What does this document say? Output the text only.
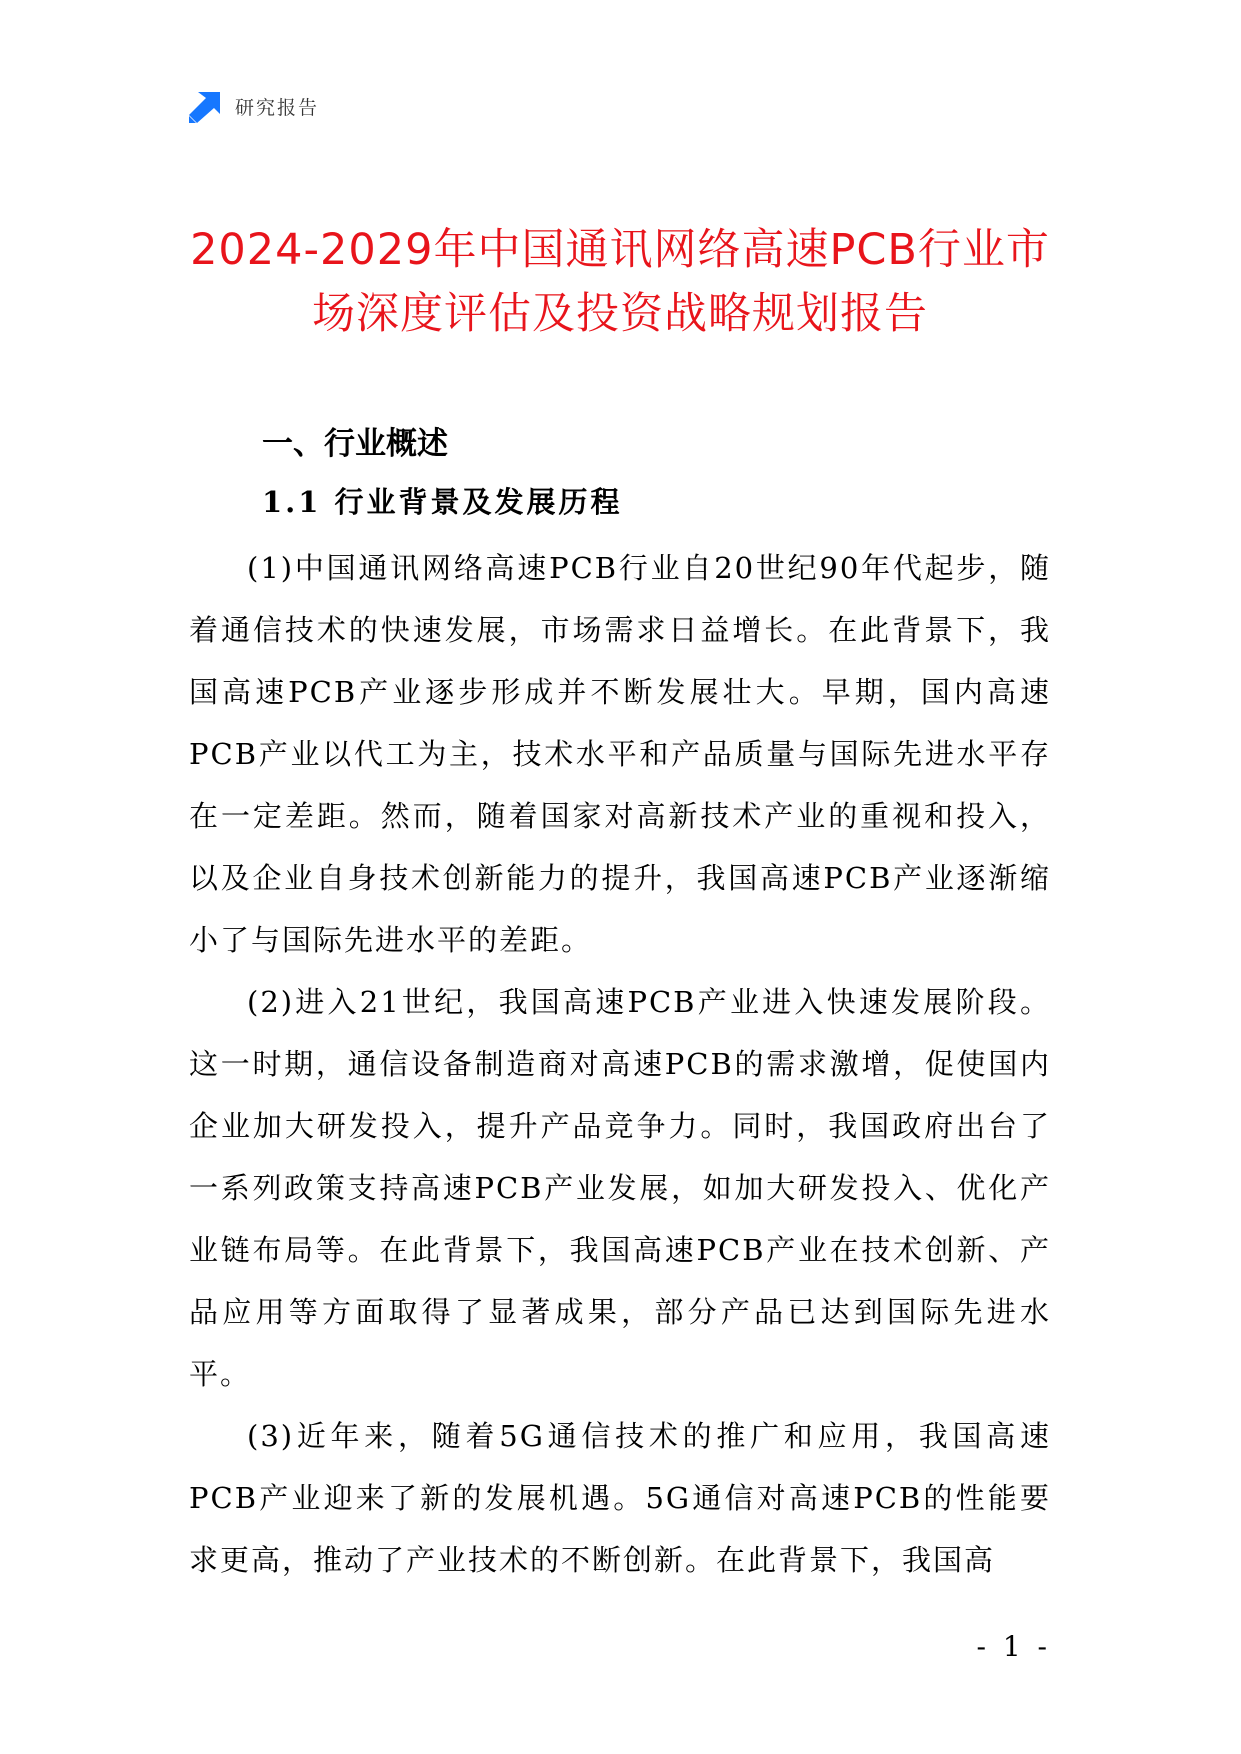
研究报告
2024-2029年中国通讯网络高速PCB行业市
场深度评估及投资战略规划报告
一、行业概述
1.1 行业背景及发展历程

(1)中国通讯网络高速PCB行业自20世纪90年代起步，随着通信技术的快速发展，市场需求日益增长。在此背景下，我国高速PCB产业逐步形成并不断发展壮大。早期，国内高速PCB产业以代工为主，技术水平和产品质量与国际先进水平存在一定差距。然而，随着国家对高新技术产业的重视和投入，以及企业自身技术创新能力的提升，我国高速PCB产业逐渐缩小了与国际先进水平的差距。

(2)进入21世纪，我国高速PCB产业进入快速发展阶段。这一时期，通信设备制造商对高速PCB的需求激增，促使国内企业加大研发投入，提升产品竞争力。同时，我国政府出台了一系列政策支持高速PCB产业发展，如加大研发投入、优化产业链布局等。在此背景下，我国高速PCB产业在技术创新、产品应用等方面取得了显著成果，部分产品已达到国际先进水平。

(3)近年来，随着5G通信技术的推广和应用，我国高速PCB产业迎来了新的发展机遇。5G通信对高速PCB的性能要求更高，推动了产业技术的不断创新。在此背景下，我国高

- 1 -
